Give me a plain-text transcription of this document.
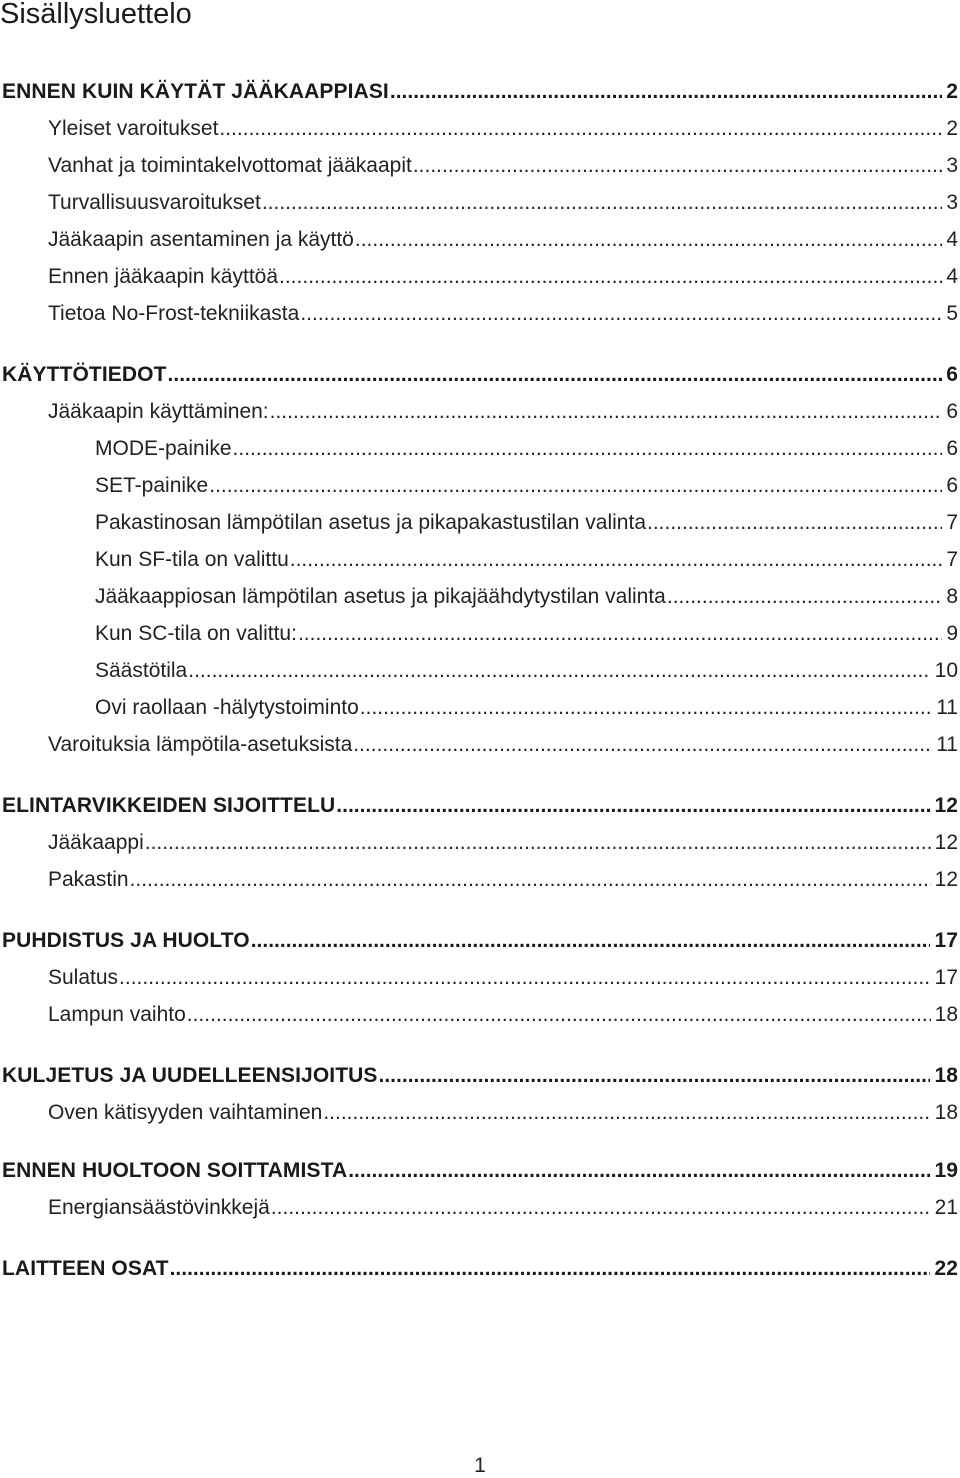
Sisällysluettelo
ENNEN KUIN KÄYTÄT JÄÄKAAPPIASI .....	2
Yleiset varoitukset .....	2
Vanhat ja toimintakelvottomat jääkaapit .....	3
Turvallisuusvaroitukset .....	3
Jääkaapin asentaminen ja käyttö .....	4
Ennen jääkaapin käyttöä .....	4
Tietoa No-Frost-tekniikasta .....	5
KÄYTTÖTIEDOT .....	6
Jääkaapin käyttäminen: .....	6
MODE-painike .....	6
SET-painike .....	6
Pakastinosan lämpötilan asetus ja pikapakastustilan valinta .....	7
Kun SF-tila on valittu .....	7
Jääkaappiosan lämpötilan asetus ja pikajäähdytystilan valinta .....	8
Kun SC-tila on valittu: .....	9
Säästötila .....	10
Ovi raollaan -hälytystoiminto .....	11
Varoituksia lämpötila-asetuksista .....	11
ELINTARVIKKEIDEN SIJOITTELU .....	12
Jääkaappi .....	12
Pakastin .....	12
PUHDISTUS JA HUOLTO .....	17
Sulatus .....	17
Lampun vaihto .....	18
KULJETUS JA UUDELLEENSIJOITUS .....	18
Oven kätisyyden vaihtaminen .....	18
ENNEN HUOLTOON SOITTAMISTA .....	19
Energiansäästövinkkejä .....	21
LAITTEEN OSAT .....	22

1
